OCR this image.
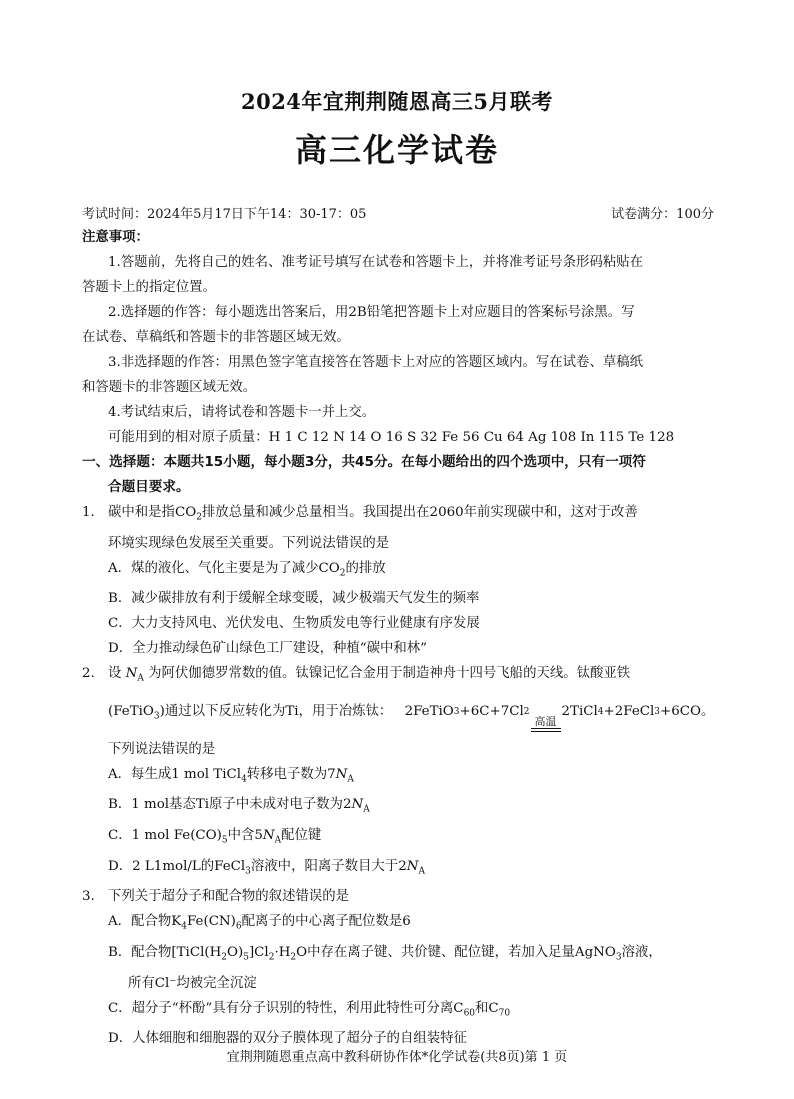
2024年宜荆荆随恩高三5月联考
高三化学试卷
考试时间：2024年5月17日下午14：30-17：05	试卷满分：100分
注意事项：
1.答题前，先将自己的姓名、准考证号填写在试卷和答题卡上，并将准考证号条形码粘贴在
答题卡上的指定位置。
2.选择题的作答：每小题选出答案后，用2B铅笔把答题卡上对应题目的答案标号涂黑。写
在试卷、草稿纸和答题卡的非答题区域无效。
3.非选择题的作答：用黑色签字笔直接答在答题卡上对应的答题区域内。写在试卷、草稿纸
和答题卡的非答题区域无效。
4.考试结束后，请将试卷和答题卡一并上交。
可能用到的相对原子质量：H 1 C 12 N 14 O 16 S 32 Fe 56 Cu 64 Ag 108 In 115 Te 128
一、选择题：本题共15小题，每小题3分，共45分。在每小题给出的四个选项中，只有一项符
合题目要求。
1. 碳中和是指$CO_2$排放总量和减少总量相当。我国提出在2060年前实现碳中和，这对于改善
环境实现绿色发展至关重要。下列说法错误的是
A．煤的液化、气化主要是为了减少$CO_2$的排放
B．减少碳排放有利于缓解全球变暖，减少极端天气发生的频率
C．大力支持风电、光伏发电、生物质发电等行业健康有序发展
D．全力推动绿色矿山绿色工厂建设，种植“碳中和林”
2. 设 $N_A$ 为阿伏伽德罗常数的值。钛镍记忆合金用于制造神舟十四号飞船的天线。钛酸亚铁
(FeTiO$_3$)通过以下反应转化为Ti，用于冶炼钛： 2FeTiO 3 +6C+7Cl 2
高温
2TiCl 4 +2FeCl 3 +6CO 。
下列说法错误的是
A．每生成1 mol TiCl$_4$转移电子数为$7N_A$
B．1 mol基态Ti原子中未成对电子数为$2N_A$
C．1 mol $Fe(CO)_5$中含$5N_A$配位键
D．2 L1mol/L的FeCl$_3$溶液中，阳离子数目大于$2N_A$
3. 下列关于超分子和配合物的叙述错误的是
A．配合物$K_4Fe(CN)_6$配离子的中心离子配位数是6
B．配合物$[TiCl(H_2O)_5]Cl_2\cdot H_2O$中存在离子键、共价键、配位键，若加入足量AgNO$_3$溶液，
所有Cl⁻均被完全沉淀
C．超分子“杯酚”具有分子识别的特性，利用此特性可分离$C_{60}$和$C_{70}$
D．人体细胞和细胞器的双分子膜体现了超分子的自组装特征
宜荆荆随恩重点高中教科研协作体*化学试卷(共8页)第 1 页
